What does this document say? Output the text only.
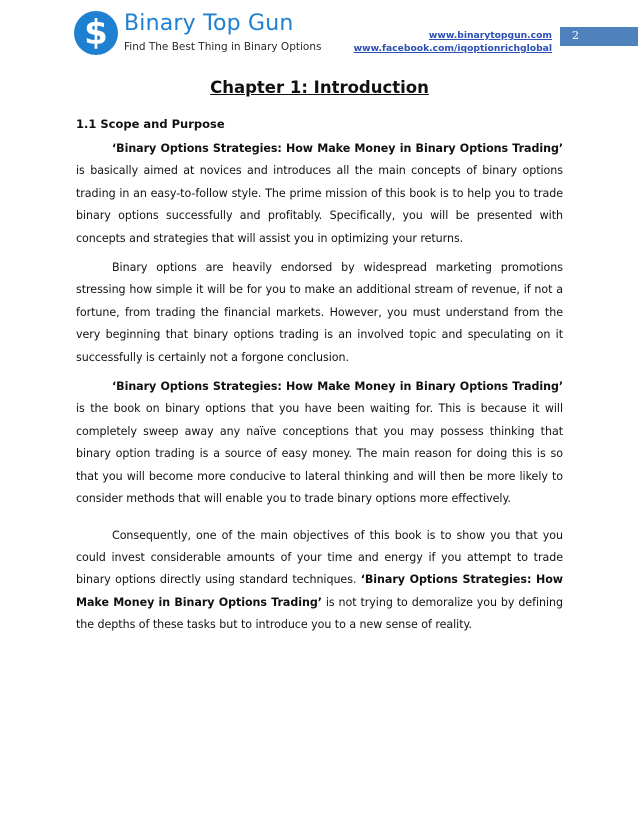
$ Binary Top Gun
Find The Best Thing in Binary Options
www.binarytopgun.com
www.facebook.com/iqoptionrichglobal
2
Chapter 1: Introduction
1.1 Scope and Purpose

‘Binary Options Strategies: How Make Money in Binary Options Trading’ is basically aimed at novices and introduces all the main concepts of binary options trading in an easy-to-follow style. The prime mission of this book is to help you to trade binary options successfully and profitably. Specifically, you will be presented with concepts and strategies that will assist you in optimizing your returns.

Binary options are heavily endorsed by widespread marketing promotions stressing how simple it will be for you to make an additional stream of revenue, if not a fortune, from trading the financial markets. However, you must understand from the very beginning that binary options trading is an involved topic and speculating on it successfully is certainly not a forgone conclusion.

‘Binary Options Strategies: How Make Money in Binary Options Trading’ is the book on binary options that you have been waiting for. This is because it will completely sweep away any naïve conceptions that you may possess thinking that binary option trading is a source of easy money. The main reason for doing this is so that you will become more conducive to lateral thinking and will then be more likely to consider methods that will enable you to trade binary options more effectively.

Consequently, one of the main objectives of this book is to show you that you could invest considerable amounts of your time and energy if you attempt to trade binary options directly using standard techniques. ‘Binary Options Strategies: How Make Money in Binary Options Trading’ is not trying to demoralize you by defining the depths of these tasks but to introduce you to a new sense of reality.
